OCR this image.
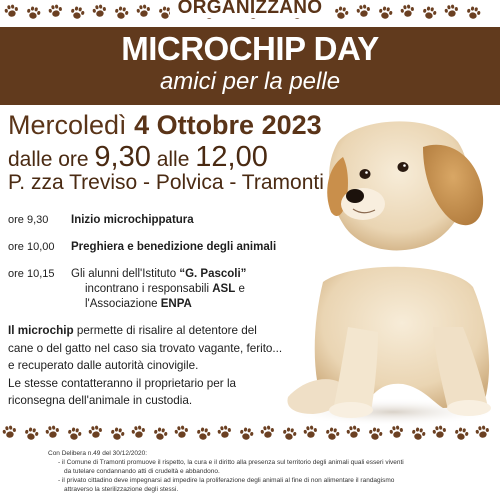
ORGANIZZANO
MICROCHIP DAY
amici per la pelle
Mercoledì 4 Ottobre 2023
dalle ore 9,30 alle 12,00
P. zza Treviso - Polvica - Tramonti
ore 9,30 Inizio microchippatura
ore 10,00 Preghiera e benedizione degli animali
ore 10,15 Gli alunni dell'Istituto “G. Pascoli”
incontrano i responsabili ASL e
l'Associazione ENPA
Il microchip permette di risalire al detentore del
cane o del gatto nel caso sia trovato vagante, ferito...
e recuperato dalle autorità cinovigile.
Le stesse contatteranno il proprietario per la
riconsegna dell'animale in custodia.

Con Delibera n.49 del 30/12/2020:

- il Comune di Tramonti promuove il rispetto, la cura e il diritto alla presenza sul territorio degli animali quali esseri viventi

da tutelare condannando atti di crudeltà e abbandono.

- il privato cittadino deve impegnarsi ad impedire la proliferazione degli animali al fine di non alimentare il randagismo

attraverso la sterilizzazione degli stessi.
